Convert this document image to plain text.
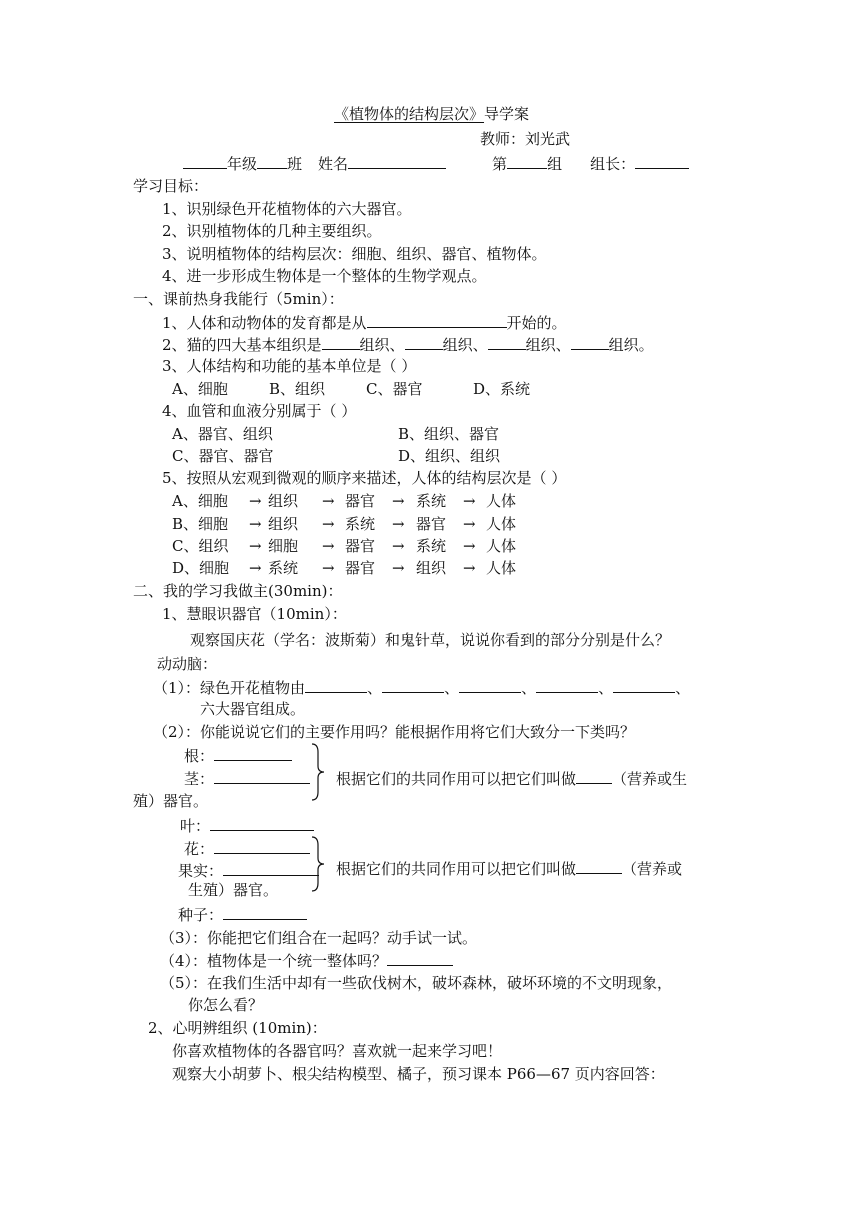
《植物体的结构层次》导学案
教师：刘光武
年级 班 姓名	第	组 组长：
学习目标：
1、识别绿色开花植物体的六大器官。
2、识别植物体的几种主要组织。
3、说明植物体的结构层次：细胞、组织、器官、植物体。
4、进一步形成生物体是一个整体的生物学观点。
一、课前热身我能行（5min）：
1、人体和动物体的发育都是从	开始的。
2、猫的四大基本组织是	组织、	组织、	组织、	组织。
3、人体结构和功能的基本单位是（ ）
A、细胞	B、组织	C、器官	D、系统
4、血管和血液分别属于（ ）
A、器官、组织	B、组织、器官
C、器官、器官	D、组织、组织
5、按照从宏观到微观的顺序来描述，人体的结构层次是（ ）
A、细胞 → 组织 → 器官 → 系统 → 人体
B、细胞 → 组织 → 系统 → 器官 → 人体
C、组织 → 细胞 → 器官 → 系统 → 人体
D、细胞 → 系统 → 器官 → 组织 → 人体
二、我的学习我做主(30min)：
1、慧眼识器官（10min）：
观察国庆花（学名：波斯菊）和鬼针草，说说你看到的部分分别是什么？
动动脑：
（1）：绿色开花植物由	、	、	、	、	、
六大器官组成。
（2）：你能说说它们的主要作用吗？能根据作用将它们大致分一下类吗？
根：
茎：	根据它们的共同作用可以把它们叫做 （营养或生
殖）器官。
叶：
花：
果实：	根据它们的共同作用可以把它们叫做	（营养或
生殖）器官。
种子：
（3）：你能把它们组合在一起吗？动手试一试。
（4）：植物体是一个统一整体吗？
（5）：在我们生活中却有一些砍伐树木，破坏森林，破坏环境的不文明现象，
你怎么看？
2、心明辨组织 (10min)：
你喜欢植物体的各器官吗？喜欢就一起来学习吧！
观察大小胡萝卜、根尖结构模型、橘子，预习课本 P66—67 页内容回答：
